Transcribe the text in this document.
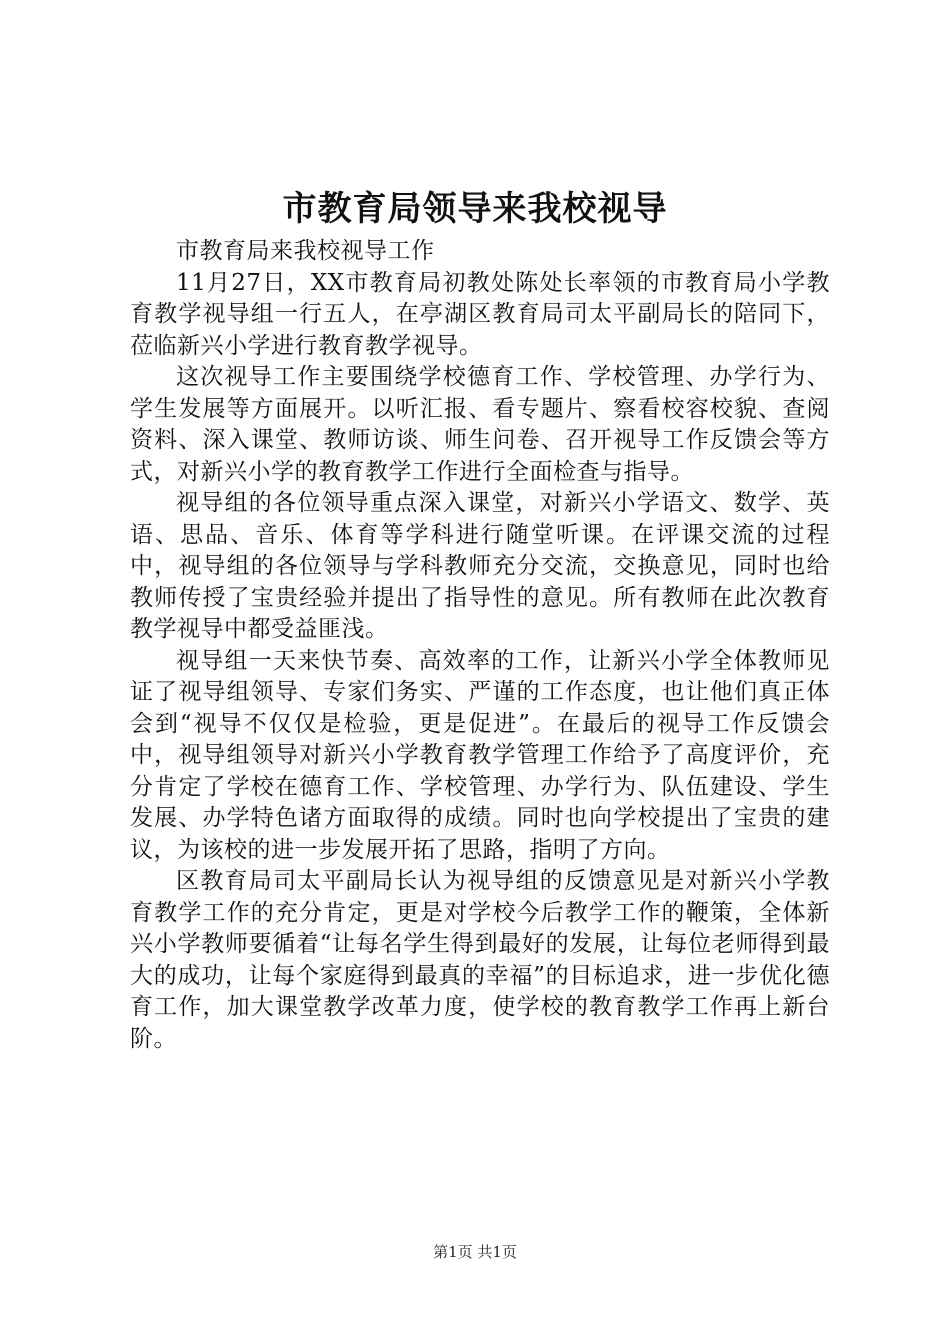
市教育局领导来我校视导

市教育局来我校视导工作

11月27日，XX市教育局初教处陈处长率领的市教育局小学教育教学视导组一行五人，在亭湖区教育局司太平副局长的陪同下，莅临新兴小学进行教育教学视导。

这次视导工作主要围绕学校德育工作、学校管理、办学行为、学生发展等方面展开。以听汇报、看专题片、察看校容校貌、查阅资料、深入课堂、教师访谈、师生问卷、召开视导工作反馈会等方式，对新兴小学的教育教学工作进行全面检查与指导。

视导组的各位领导重点深入课堂，对新兴小学语文、数学、英语、思品、音乐、体育等学科进行随堂听课。在评课交流的过程中，视导组的各位领导与学科教师充分交流，交换意见，同时也给教师传授了宝贵经验并提出了指导性的意见。所有教师在此次教育教学视导中都受益匪浅。

视导组一天来快节奏、高效率的工作，让新兴小学全体教师见证了视导组领导、专家们务实、严谨的工作态度，也让他们真正体会到“视导不仅仅是检验，更是促进”。在最后的视导工作反馈会中，视导组领导对新兴小学教育教学管理工作给予了高度评价，充分肯定了学校在德育工作、学校管理、办学行为、队伍建设、学生发展、办学特色诸方面取得的成绩。同时也向学校提出了宝贵的建议，为该校的进一步发展开拓了思路，指明了方向。

区教育局司太平副局长认为视导组的反馈意见是对新兴小学教育教学工作的充分肯定，更是对学校今后教学工作的鞭策，全体新兴小学教师要循着“让每名学生得到最好的发展，让每位老师得到最大的成功，让每个家庭得到最真的幸福”的目标追求，进一步优化德育工作，加大课堂教学改革力度，使学校的教育教学工作再上新台阶。

第1页 共1页
